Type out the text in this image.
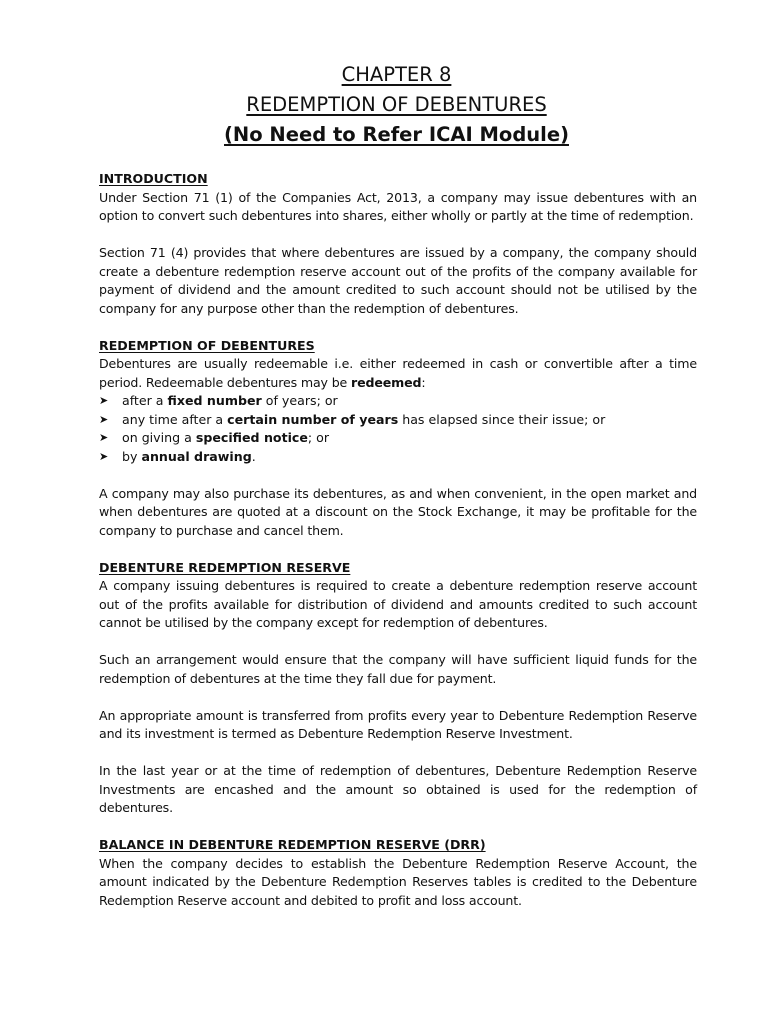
CHAPTER 8
REDEMPTION OF DEBENTURES
(No Need to Refer ICAI Module)
INTRODUCTION

Under Section 71 (1) of the Companies Act, 2013, a company may issue debentures with an option to convert such debentures into shares, either wholly or partly at the time of redemption.

Section 71 (4) provides that where debentures are issued by a company, the company should create a debenture redemption reserve account out of the profits of the company available for payment of dividend and the amount credited to such account should not be utilised by the company for any purpose other than the redemption of debentures.

REDEMPTION OF DEBENTURES

Debentures are usually redeemable i.e. either redeemed in cash or convertible after a time period. Redeemable debentures may be redeemed:

➤	after a fixed number of years; or
➤	any time after a certain number of years has elapsed since their issue; or
➤	on giving a specified notice; or
➤	by annual drawing.

A company may also purchase its debentures, as and when convenient, in the open market and when debentures are quoted at a discount on the Stock Exchange, it may be profitable for the company to purchase and cancel them.

DEBENTURE REDEMPTION RESERVE

A company issuing debentures is required to create a debenture redemption reserve account out of the profits available for distribution of dividend and amounts credited to such account cannot be utilised by the company except for redemption of debentures.

Such an arrangement would ensure that the company will have sufficient liquid funds for the redemption of debentures at the time they fall due for payment.

An appropriate amount is transferred from profits every year to Debenture Redemption Reserve and its investment is termed as Debenture Redemption Reserve Investment.

In the last year or at the time of redemption of debentures, Debenture Redemption Reserve Investments are encashed and the amount so obtained is used for the redemption of debentures.

BALANCE IN DEBENTURE REDEMPTION RESERVE (DRR)

When the company decides to establish the Debenture Redemption Reserve Account, the amount indicated by the Debenture Redemption Reserves tables is credited to the Debenture Redemption Reserve account and debited to profit and loss account.
